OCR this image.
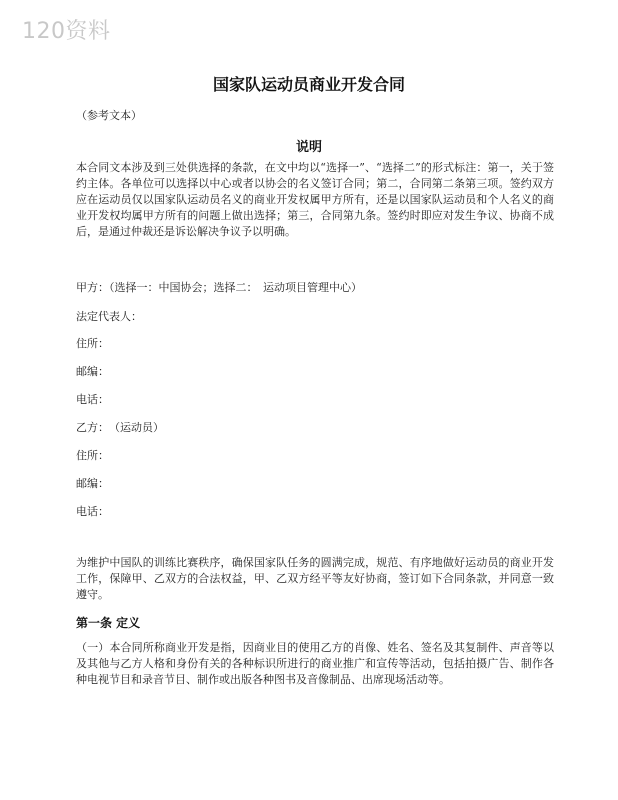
120资料
国家队运动员商业开发合同
（参考文本）
说明
本合同文本涉及到三处供选择的条款，在文中均以“选择一”、“选择二”的形式标注：第一，关于签约主体。各单位可以选择以中心或者以协会的名义签订合同；第二，合同第二条第三项。签约双方应在运动员仅以国家队运动员名义的商业开发权属甲方所有，还是以国家队运动员和个人名义的商业开发权均属甲方所有的问题上做出选择；第三，合同第九条。签约时即应对发生争议、协商不成后，是通过仲裁还是诉讼解决争议予以明确。
甲方：（选择一：中国协会；选择二：　运动项目管理中心）
法定代表人：
住所：
邮编：
电话：
乙方：　（运动员）
住所：
邮编：
电话：
为维护中国队的训练比赛秩序，确保国家队任务的圆满完成，规范、有序地做好运动员的商业开发工作，保障甲、乙双方的合法权益，甲、乙双方经平等友好协商，签订如下合同条款，并同意一致遵守。
第一条 定义
（一）本合同所称商业开发是指，因商业目的使用乙方的肖像、姓名、签名及其复制件、声音等以及其他与乙方人格和身份有关的各种标识所进行的商业推广和宣传等活动，包括拍摄广告、制作各种电视节目和录音节目、制作或出版各种图书及音像制品、出席现场活动等。
